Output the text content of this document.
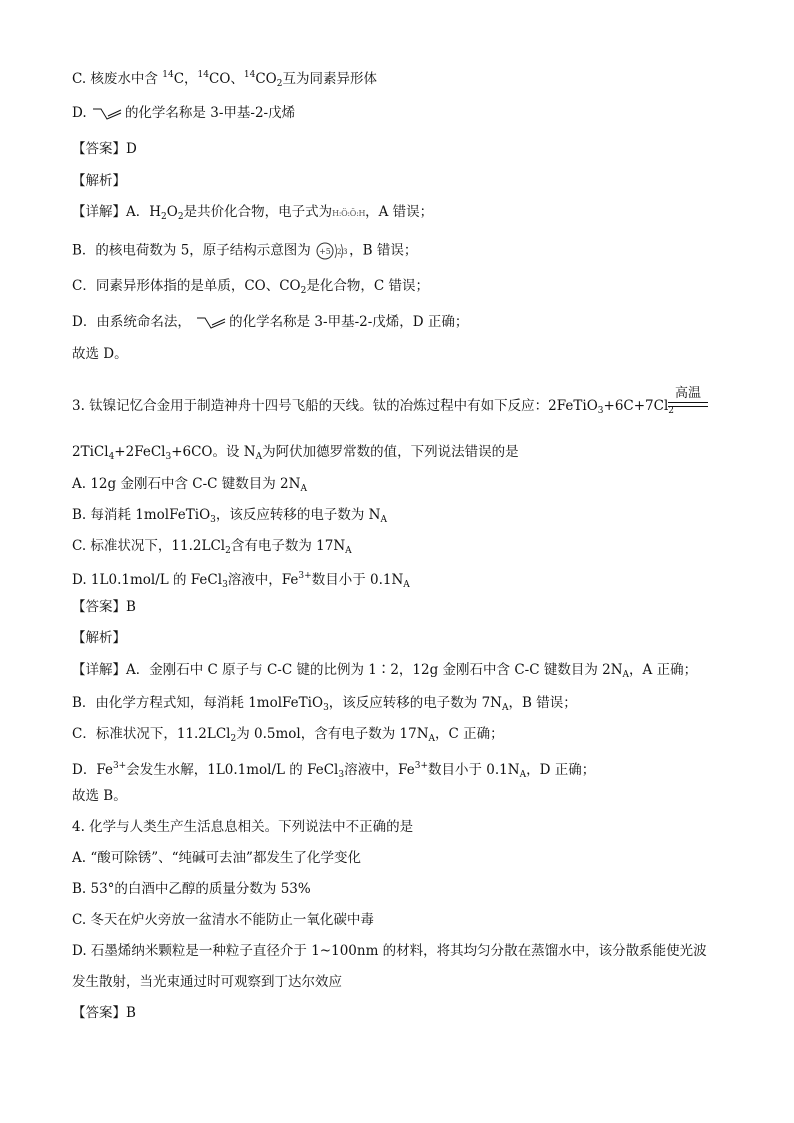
C. 核废水中含 $^{14}$C，$^{14}$CO、$^{14}CO_2$互为同素异形体
D.	的化学名称是 3-甲基-2-戊烯
【答案】D
【解析】
【详解】A．$H_2O_2$是共价化合物，电子式为H:Ö:Ö:H，A 错误；
B．的核电荷数为 5，原子结构示意图为 +5 2 3 ，B 错误；
C．同素异形体指的是单质，CO、$CO_2$是化合物，C 错误；
D．由系统命名法，	的化学名称是 3-甲基-2-戊烯，D 正确；
故选 D。
3. 钛镍记忆合金用于制造神舟十四号飞船的天线。钛的冶炼过程中有如下反应：$2FeTiO_3+6C+7Cl_2$
高温
2TiCl$_4$+2FeCl$_3$+6CO。设 $N_A$为阿伏加德罗常数的值，下列说法错误的是
A. 12g 金刚石中含 C-C 键数目为 $2N_A$
B. 每消耗 1molFeTiO$_3$，该反应转移的电子数为 $N_A$
C. 标准状况下，11.2LCl$_2$含有电子数为 $17N_A$
D. 1L0.1mol/L 的 FeCl$_3$溶液中，$Fe^{3+}$数目小于 $0.1N_A$
【答案】B
【解析】
【详解】A．金刚石中 C 原子与 C-C 键的比例为 1∶2，12g 金刚石中含 C-C 键数目为 $2N_A$，A 正确；
B．由化学方程式知，每消耗 1molFeTiO$_3$，该反应转移的电子数为 $7N_A$，B 错误；
C．标准状况下，11.2LCl$_2$为 0.5mol，含有电子数为 $17N_A$，C 正确；
D．$Fe^{3+}$会发生水解，1L0.1mol/L 的 FeCl$_3$溶液中，$Fe^{3+}$数目小于 $0.1N_A$，D 正确；
故选 B。
4. 化学与人类生产生活息息相关。下列说法中不正确的是
A. “酸可除锈”、“纯碱可去油”都发生了化学变化
B. 53°的白酒中乙醇的质量分数为 53%
C. 冬天在炉火旁放一盆清水不能防止一氧化碳中毒
D. 石墨烯纳米颗粒是一种粒子直径介于 1~100nm 的材料，将其均匀分散在蒸馏水中，该分散系能使光波
发生散射，当光束通过时可观察到丁达尔效应
【答案】B
